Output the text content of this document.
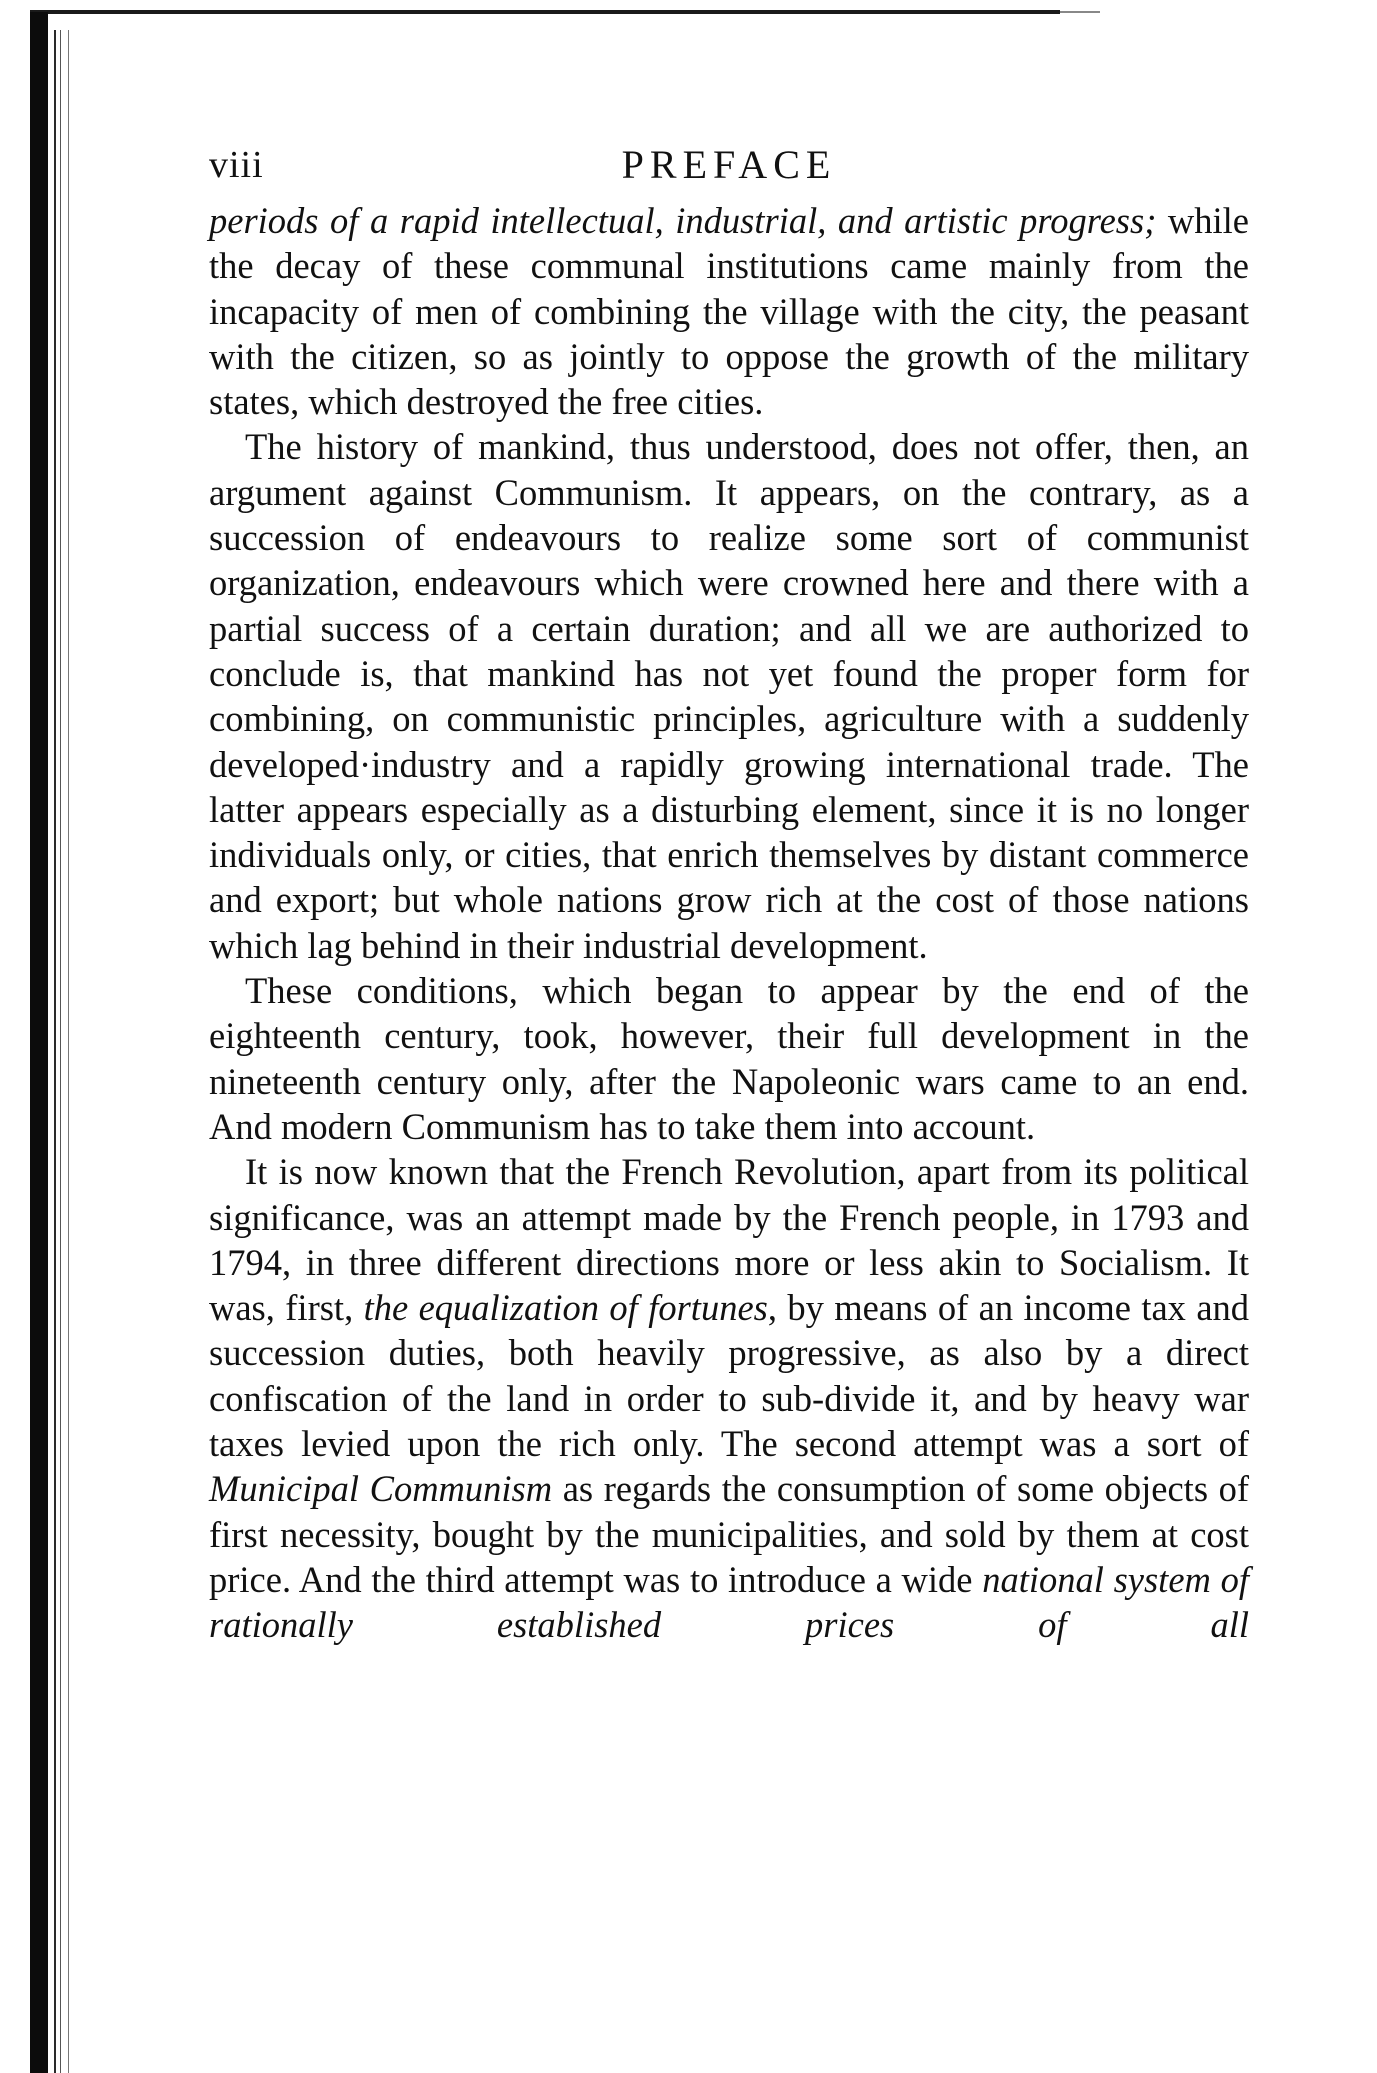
viii	PREFACE

periods of a rapid intellectual, industrial, and artistic progress; while the decay of these communal institutions came mainly from the incapacity of men of combining the village with the city, the peasant with the citizen, so as jointly to oppose the growth of the military states, which destroyed the free cities.

The history of mankind, thus understood, does not offer, then, an argument against Communism. It appears, on the contrary, as a succession of endeavours to realize some sort of communist organization, endeavours which were crowned here and there with a partial success of a certain duration; and all we are authorized to conclude is, that mankind has not yet found the proper form for combining, on communistic principles, agriculture with a suddenly developed·industry and a rapidly growing international trade. The latter appears especially as a disturbing element, since it is no longer individuals only, or cities, that enrich themselves by distant commerce and export; but whole nations grow rich at the cost of those nations which lag behind in their industrial development.

These conditions, which began to appear by the end of the eighteenth century, took, however, their full development in the nineteenth century only, after the Napoleonic wars came to an end. And modern Communism has to take them into account.

It is now known that the French Revolution, apart from its political significance, was an attempt made by the French people, in 1793 and 1794, in three different directions more or less akin to Socialism. It was, first, the equalization of fortunes, by means of an income tax and succession duties, both heavily progressive, as also by a direct confiscation of the land in order to sub-divide it, and by heavy war taxes levied upon the rich only. The second attempt was a sort of Municipal Communism as regards the consumption of some objects of first necessity, bought by the municipalities, and sold by them at cost price. And the third attempt was to introduce a wide national system of rationally established prices of all
